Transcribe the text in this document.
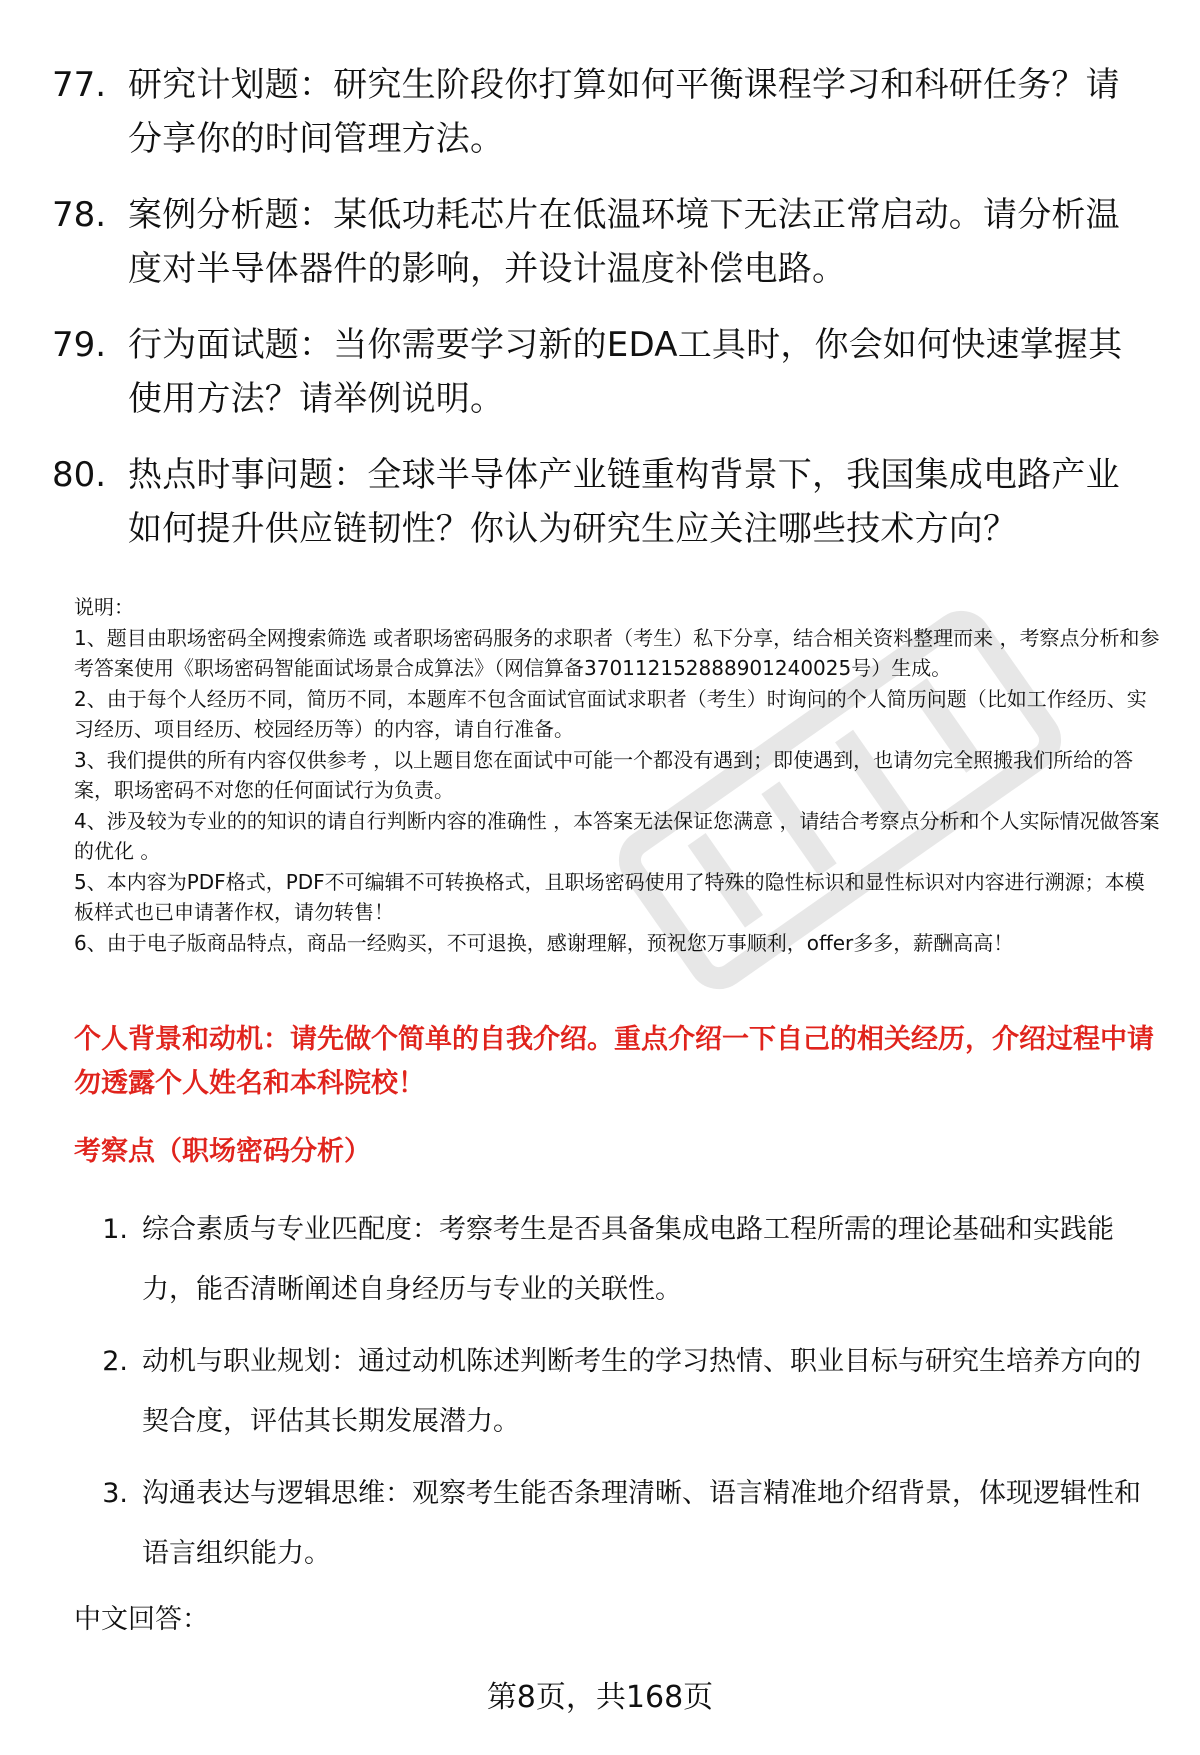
77. 研究计划题：研究生阶段你打算如何平衡课程学习和科研任务？请分享你的时间管理方法。
78. 案例分析题：某低功耗芯片在低温环境下无法正常启动。请分析温度对半导体器件的影响，并设计温度补偿电路。
79. 行为面试题：当你需要学习新的EDA工具时，你会如何快速掌握其使用方法？请举例说明。
80. 热点时事问题：全球半导体产业链重构背景下，我国集成电路产业如何提升供应链韧性？你认为研究生应关注哪些技术方向？

说明：

1、题目由职场密码全网搜索筛选 或者职场密码服务的求职者（考生）私下分享，结合相关资料整理而来 ，考察点分析和参考答案使用《职场密码智能面试场景合成算法》（网信算备370112152888901240025号）生成。

2、由于每个人经历不同，简历不同，本题库不包含面试官面试求职者（考生）时询问的个人简历问题（比如工作经历、实习经历、项目经历、校园经历等）的内容，请自行准备。

3、我们提供的所有内容仅供参考 ，以上题目您在面试中可能一个都没有遇到；即使遇到，也请勿完全照搬我们所给的答案，职场密码不对您的任何面试行为负责。

4、涉及较为专业的的知识的请自行判断内容的准确性 ，本答案无法保证您满意 ，请结合考察点分析和个人实际情况做答案的优化 。

5、本内容为PDF格式，PDF不可编辑不可转换格式，且职场密码使用了特殊的隐性标识和显性标识对内容进行溯源；本模板样式也已申请著作权，请勿转售！

6、由于电子版商品特点，商品一经购买，不可退换，感谢理解，预祝您万事顺利，offer多多，薪酬高高！

个人背景和动机：请先做个简单的自我介绍。重点介绍一下自己的相关经历，介绍过程中请勿透露个人姓名和本科院校！
考察点（职场密码分析）
1. 综合素质与专业匹配度：考察考生是否具备集成电路工程所需的理论基础和实践能力，能否清晰阐述自身经历与专业的关联性。
2. 动机与职业规划：通过动机陈述判断考生的学习热情、职业目标与研究生培养方向的契合度，评估其长期发展潜力。
3. 沟通表达与逻辑思维：观察考生能否条理清晰、语言精准地介绍背景，体现逻辑性和语言组织能力。
中文回答：
第8页，共168页
